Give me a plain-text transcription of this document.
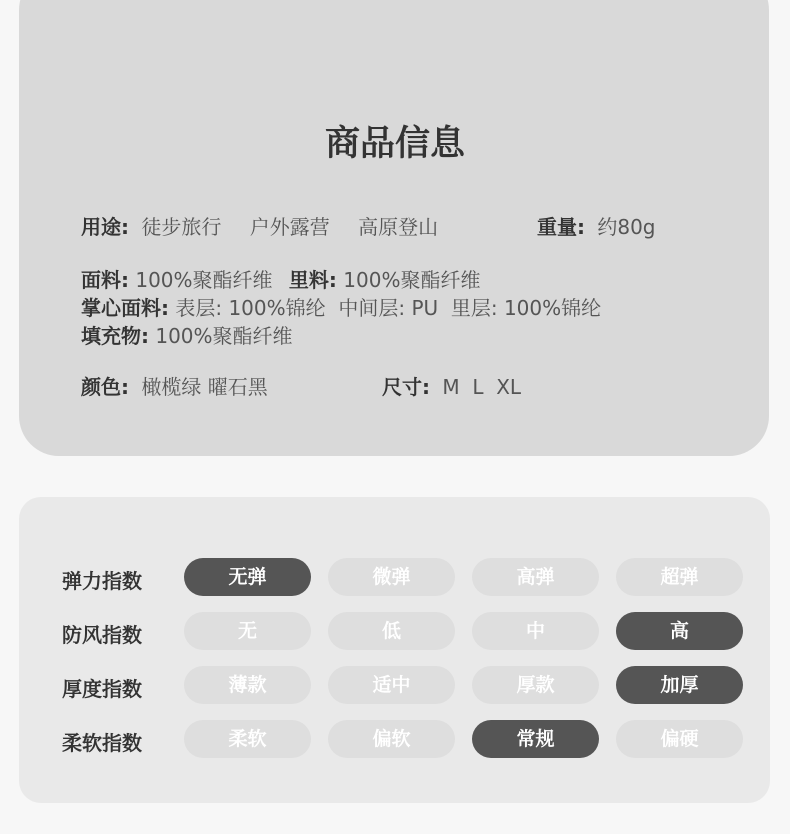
商品信息
用途: 徒步旅行 户外露营 高原登山	重量: 约80g
面料: 100%聚酯纤维 里料: 100%聚酯纤维
掌心面料: 表层: 100%锦纶  中间层: PU  里层: 100%锦纶
填充物: 100%聚酯纤维
颜色: 橄榄绿 曜石黑	尺寸: M  L  XL
弹力指数	无弹	微弹	高弹	超弹
防风指数	无	低	中	高
厚度指数	薄款	适中	厚款	加厚
柔软指数	柔软	偏软	常规	偏硬
